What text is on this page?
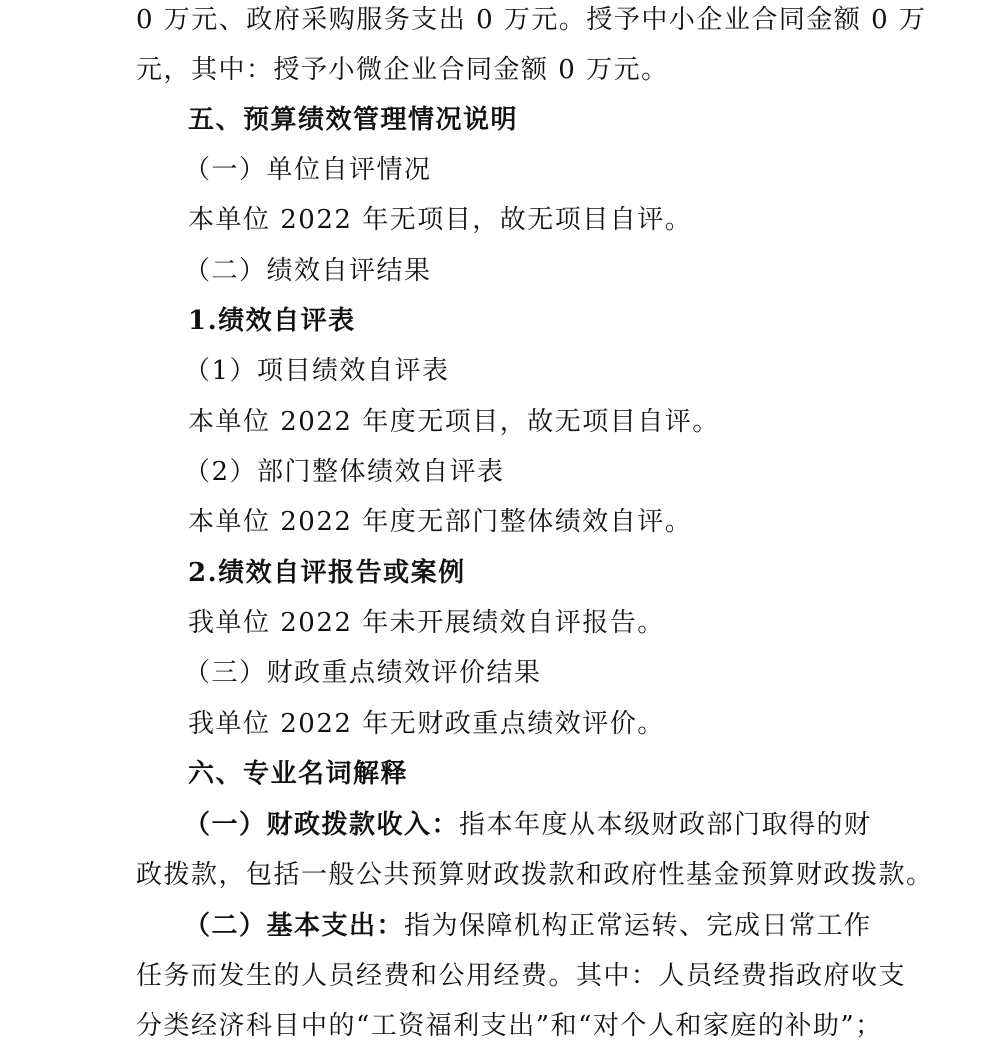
0 万元、政府采购服务支出 0 万元。授予中小企业合同金额 0 万
元，其中：授予小微企业合同金额 0 万元。
五、预算绩效管理情况说明
（一）单位自评情况
本单位 2022 年无项目，故无项目自评。
（二）绩效自评结果
1.绩效自评表
（1）项目绩效自评表
本单位 2022 年度无项目，故无项目自评。
（2）部门整体绩效自评表
本单位 2022 年度无部门整体绩效自评。
2.绩效自评报告或案例
我单位 2022 年未开展绩效自评报告。
（三）财政重点绩效评价结果
我单位 2022 年无财政重点绩效评价。
六、专业名词解释
（一）财政拨款收入：指本年度从本级财政部门取得的财
政拨款，包括一般公共预算财政拨款和政府性基金预算财政拨款。
（二）基本支出：指为保障机构正常运转、完成日常工作
任务而发生的人员经费和公用经费。其中：人员经费指政府收支
分类经济科目中的“工资福利支出”和“对个人和家庭的补助”；
